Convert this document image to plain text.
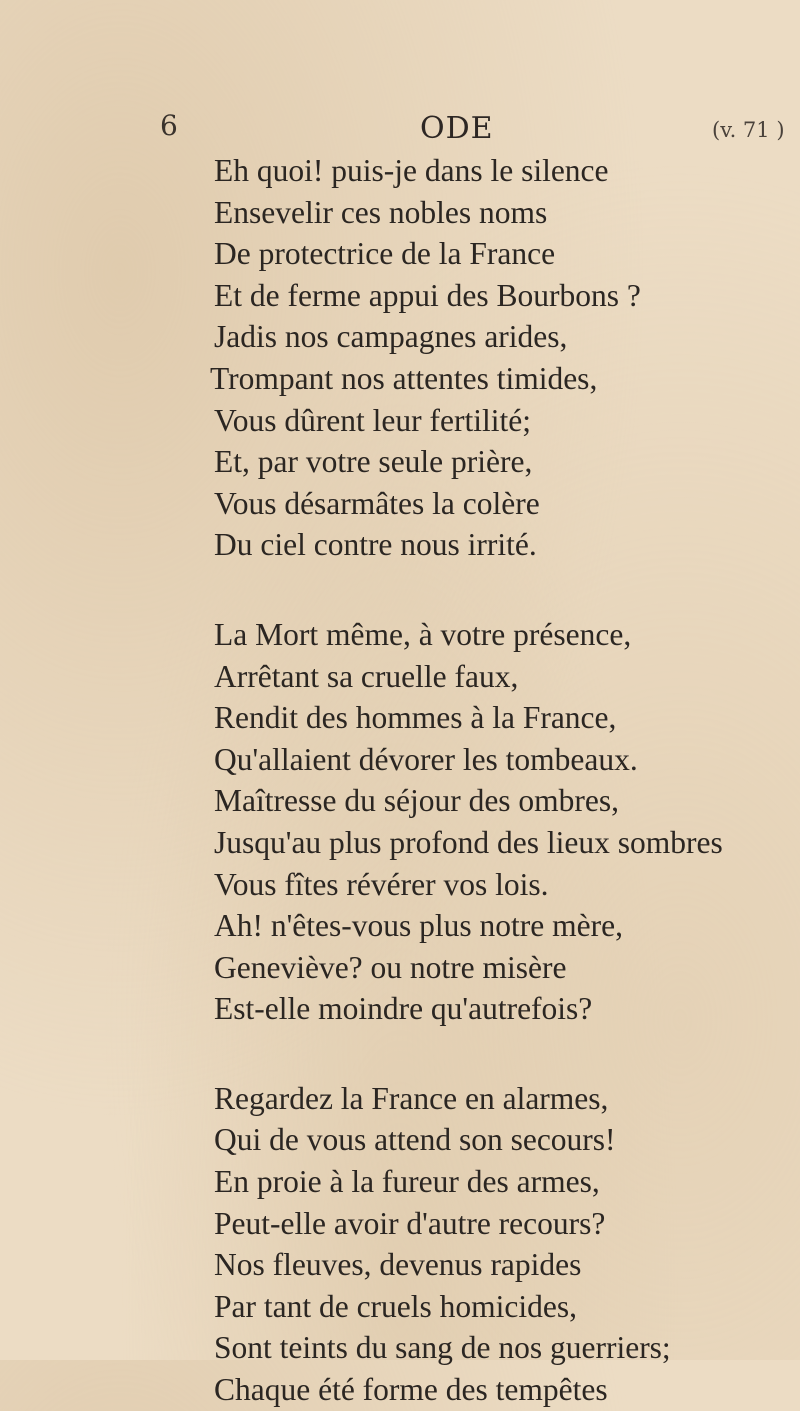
6	ODE	(v. 71 )
Eh quoi! puis-je dans le silence
Ensevelir ces nobles noms
De protectrice de la France
Et de ferme appui des Bourbons ?
Jadis nos campagnes arides,
Trompant nos attentes timides,
Vous dûrent leur fertilité;
Et, par votre seule prière,
Vous désarmâtes la colère
Du ciel contre nous irrité.
La Mort même, à votre présence,
Arrêtant sa cruelle faux,
Rendit des hommes à la France,
Qu'allaient dévorer les tombeaux.
Maîtresse du séjour des ombres,
Jusqu'au plus profond des lieux sombres
Vous fîtes révérer vos lois.
Ah! n'êtes-vous plus notre mère,
Geneviève? ou notre misère
Est-elle moindre qu'autrefois?
Regardez la France en alarmes,
Qui de vous attend son secours!
En proie à la fureur des armes,
Peut-elle avoir d'autre recours?
Nos fleuves, devenus rapides
Par tant de cruels homicides,
Sont teints du sang de nos guerriers;
Chaque été forme des tempêtes
